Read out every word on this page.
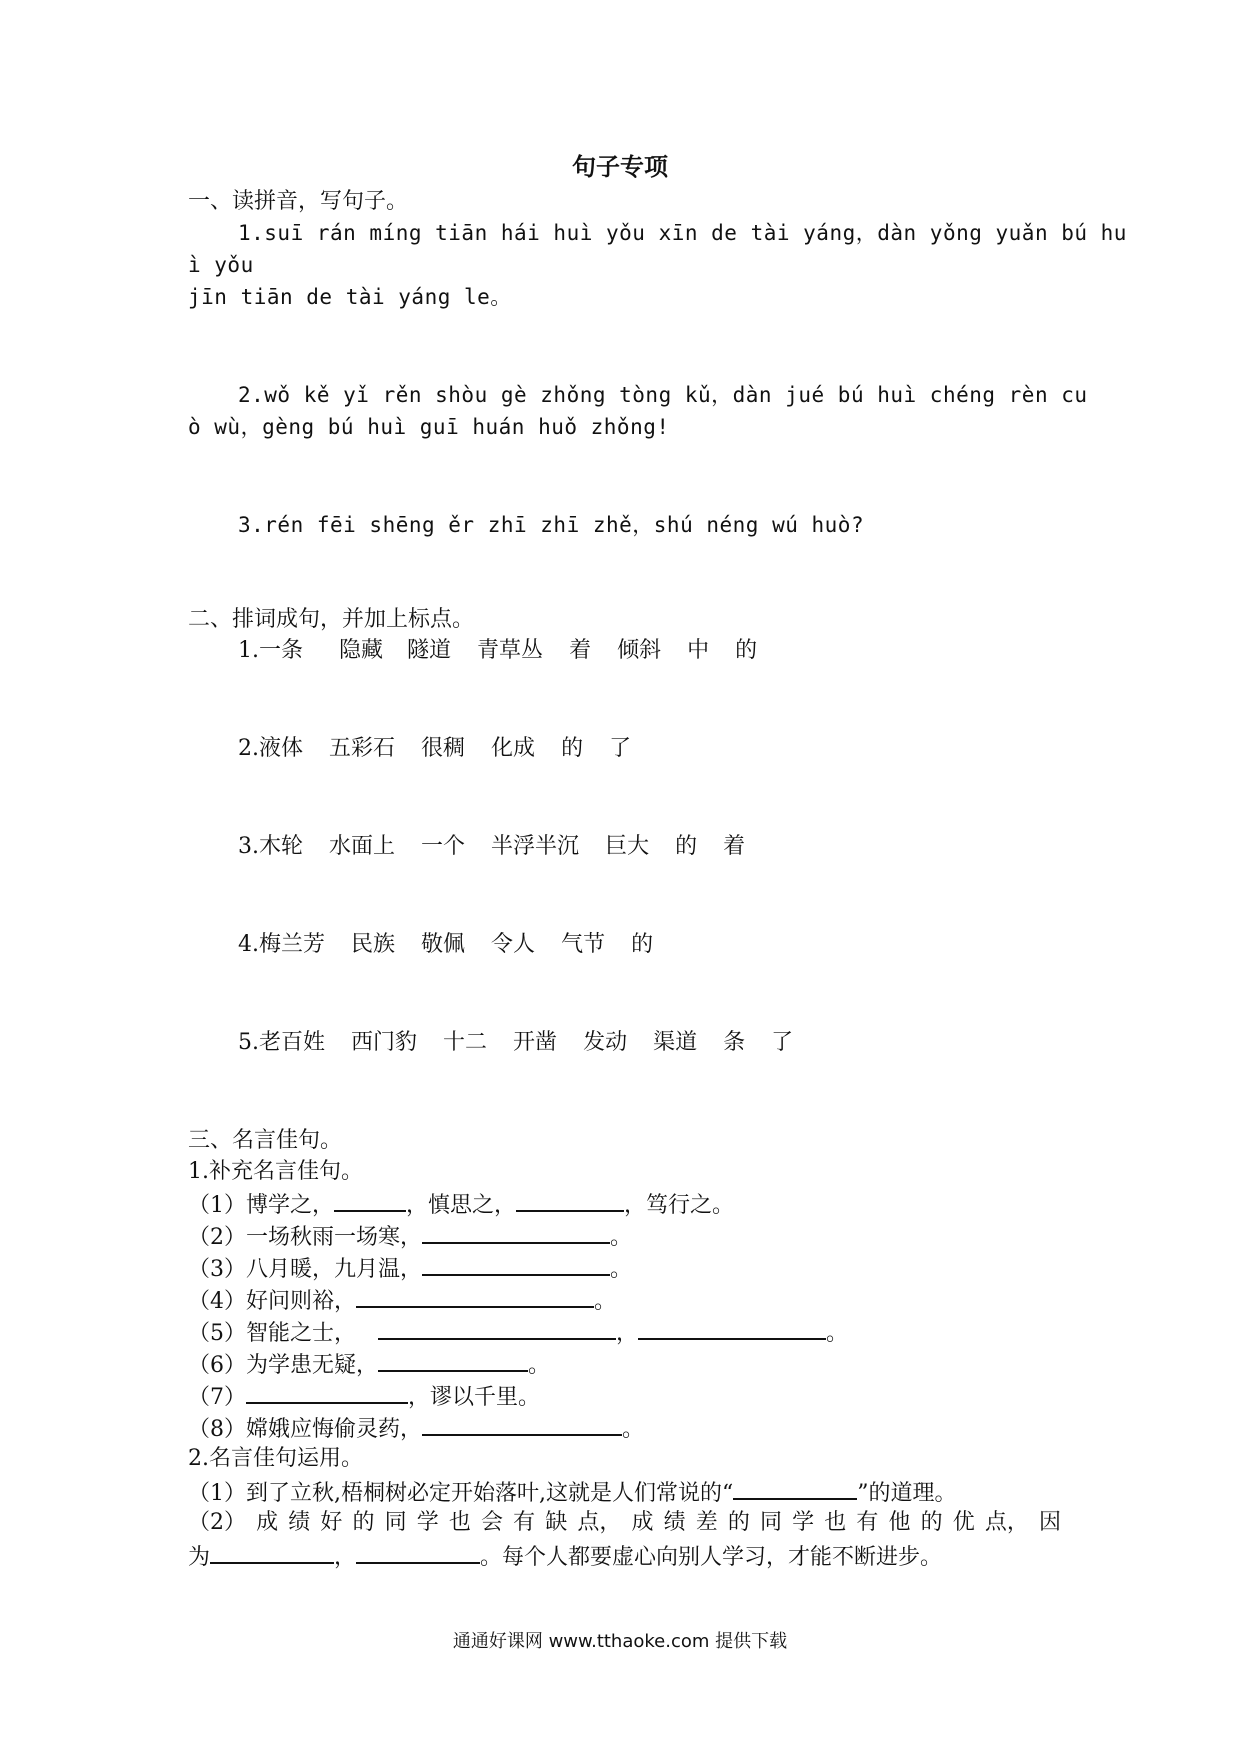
句子专项
一、读拼音，写句子。
1.suī rán míng tiān hái huì yǒu xīn de tài yáng，dàn yǒng yuǎn bú hu
ì yǒu
jīn tiān de tài yáng le。
2.wǒ kě yǐ rěn shòu gè zhǒng tòng kǔ，dàn jué bú huì chéng rèn cu
ò wù，gèng bú huì guī huán huǒ zhǒng!
3.rén fēi shēng ěr zhī zhī zhě，shú néng wú huò?
二、排词成句，并加上标点。
1.一条 隐藏 隧道 青草丛 着 倾斜 中 的
2.液体 五彩石 很稠 化成 的 了
3.木轮 水面上 一个 半浮半沉 巨大 的 着
4.梅兰芳 民族 敬佩 令人 气节 的
5.老百姓 西门豹 十二 开凿 发动 渠道 条 了
三、名言佳句。
1.补充名言佳句。
（1）博学之，	，慎思之，	，笃行之。
（2）一场秋雨一场寒，	。
（3）八月暖，九月温，	。
（4）好问则裕，	。
（5）智能之士，	，	。
（6）为学患无疑，	。
（7）	，谬以千里。
（8）嫦娥应悔偷灵药，	。
2.名言佳句运用。
（1）到了立秋,梧桐树必定开始落叶,这就是人们常说的“	”的道理。
（2） 成 绩 好 的 同 学 也 会 有 缺 点， 成 绩 差 的 同 学 也 有 他 的 优 点， 因
为	，	。每个人都要虚心向别人学习，才能不断进步。
通通好课网 www.tthaoke.com 提供下载
